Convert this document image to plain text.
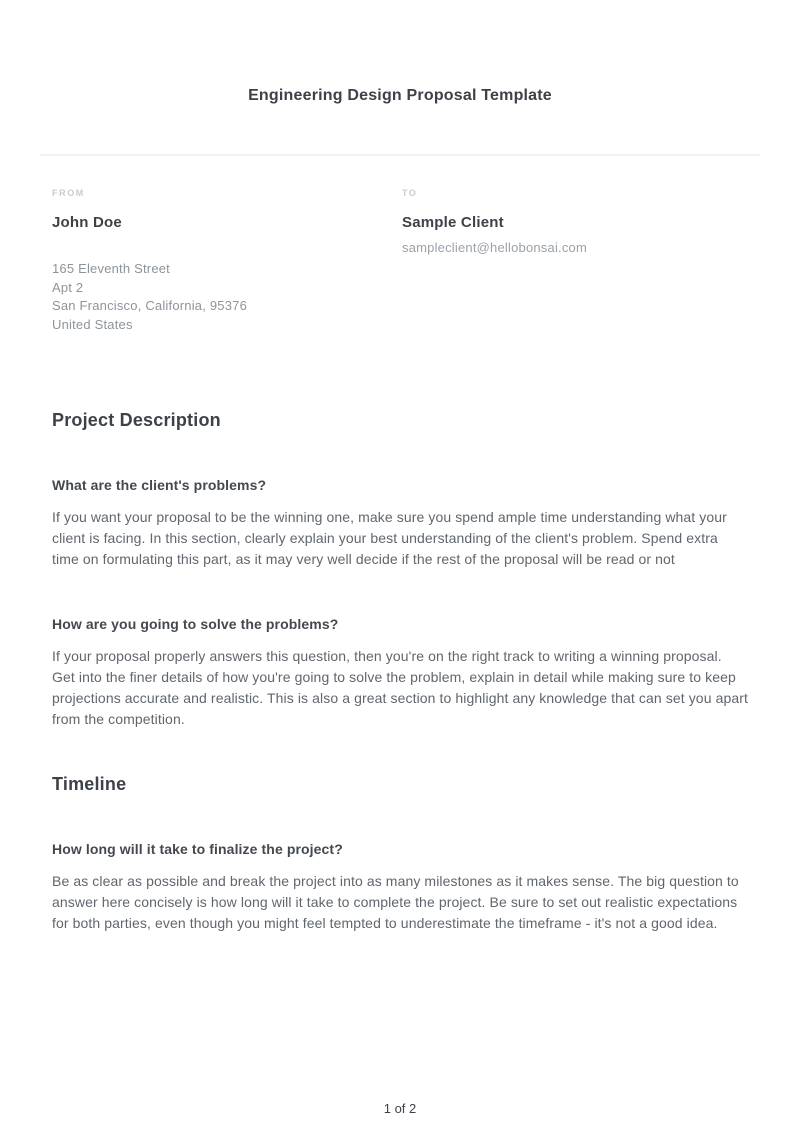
Engineering Design Proposal Template
FROM
John Doe
165 Eleventh Street
Apt 2
San Francisco, California, 95376
United States
TO
Sample Client
sampleclient@hellobonsai.com
Project Description
What are the client's problems?

If you want your proposal to be the winning one, make sure you spend ample time understanding what your client is facing. In this section, clearly explain your best understanding of the client's problem. Spend extra time on formulating this part, as it may very well decide if the rest of the proposal will be read or not

How are you going to solve the problems?

If your proposal properly answers this question, then you're on the right track to writing a winning proposal. Get into the finer details of how you're going to solve the problem, explain in detail while making sure to keep projections accurate and realistic. This is also a great section to highlight any knowledge that can set you apart from the competition.

Timeline
How long will it take to finalize the project?

Be as clear as possible and break the project into as many milestones as it makes sense. The big question to answer here concisely is how long will it take to complete the project. Be sure to set out realistic expectations for both parties, even though you might feel tempted to underestimate the timeframe - it's not a good idea.

1 of 2
